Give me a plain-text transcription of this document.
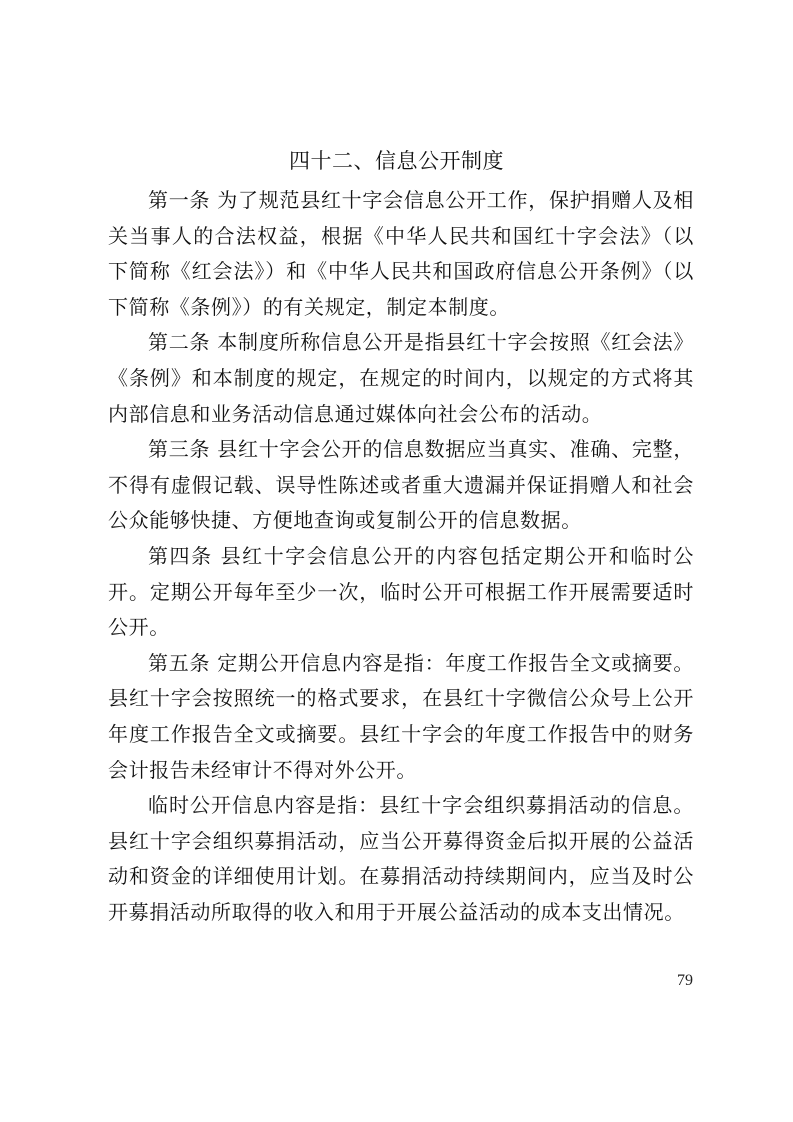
四十二、信息公开制度

第一条 为了规范县红十字会信息公开工作，保护捐赠人及相关当事人的合法权益，根据《中华人民共和国红十字会法》（以下简称《红会法》）和《中华人民共和国政府信息公开条例》（以下简称《条例》）的有关规定，制定本制度。

第二条 本制度所称信息公开是指县红十字会按照《红会法》《条例》和本制度的规定，在规定的时间内，以规定的方式将其内部信息和业务活动信息通过媒体向社会公布的活动。

第三条 县红十字会公开的信息数据应当真实、准确、完整，不得有虚假记载、误导性陈述或者重大遗漏并保证捐赠人和社会公众能够快捷、方便地查询或复制公开的信息数据。

第四条 县红十字会信息公开的内容包括定期公开和临时公开。定期公开每年至少一次，临时公开可根据工作开展需要适时公开。

第五条 定期公开信息内容是指：年度工作报告全文或摘要。县红十字会按照统一的格式要求，在县红十字微信公众号上公开年度工作报告全文或摘要。县红十字会的年度工作报告中的财务会计报告未经审计不得对外公开。

临时公开信息内容是指：县红十字会组织募捐活动的信息。县红十字会组织募捐活动，应当公开募得资金后拟开展的公益活动和资金的详细使用计划。在募捐活动持续期间内，应当及时公开募捐活动所取得的收入和用于开展公益活动的成本支出情况。

79
